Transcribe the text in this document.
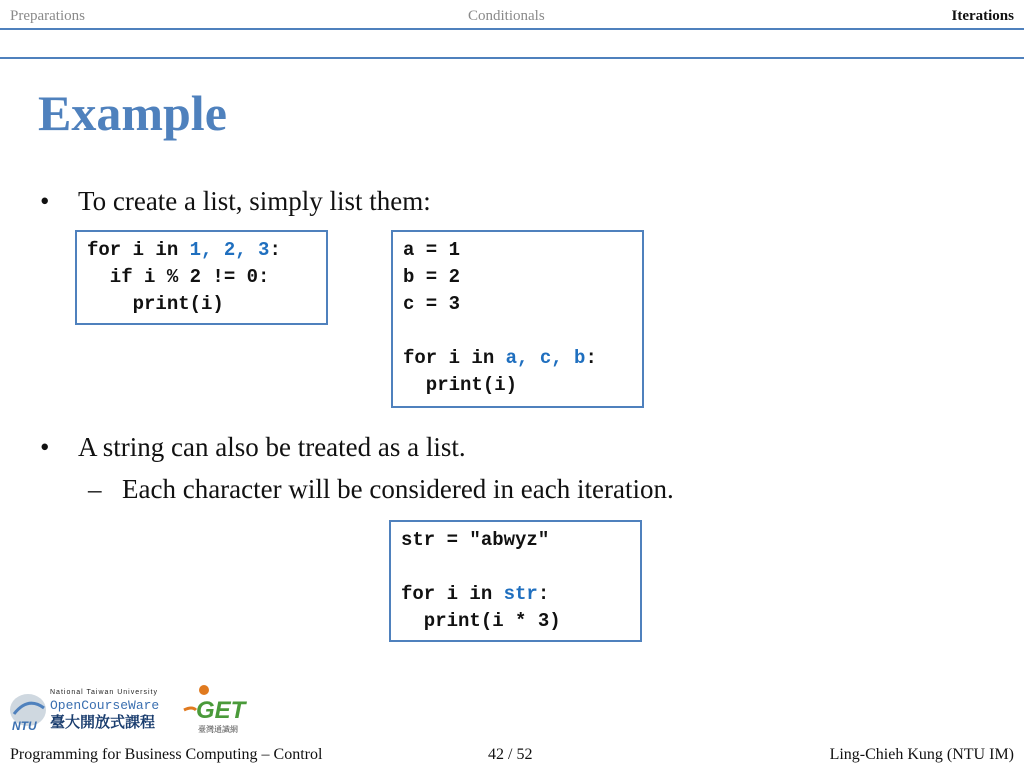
Preparations	Conditionals	Iterations
Example
• To create a list, simply list them:
for i in 1, 2, 3:
if i % 2 != 0:
print(i)
a = 1
b = 2
c = 3

for i in a, c, b:
print(i)
• A string can also be treated as a list.
– Each character will be considered in each iteration.
str = "abwyz"

for i in str:
print(i * 3)
NTU
National Taiwan University
OpenCourseWare
臺大開放式課程 GET
臺灣通識網
Programming for Business Computing – Control	42 / 52	Ling-Chieh Kung (NTU IM)
